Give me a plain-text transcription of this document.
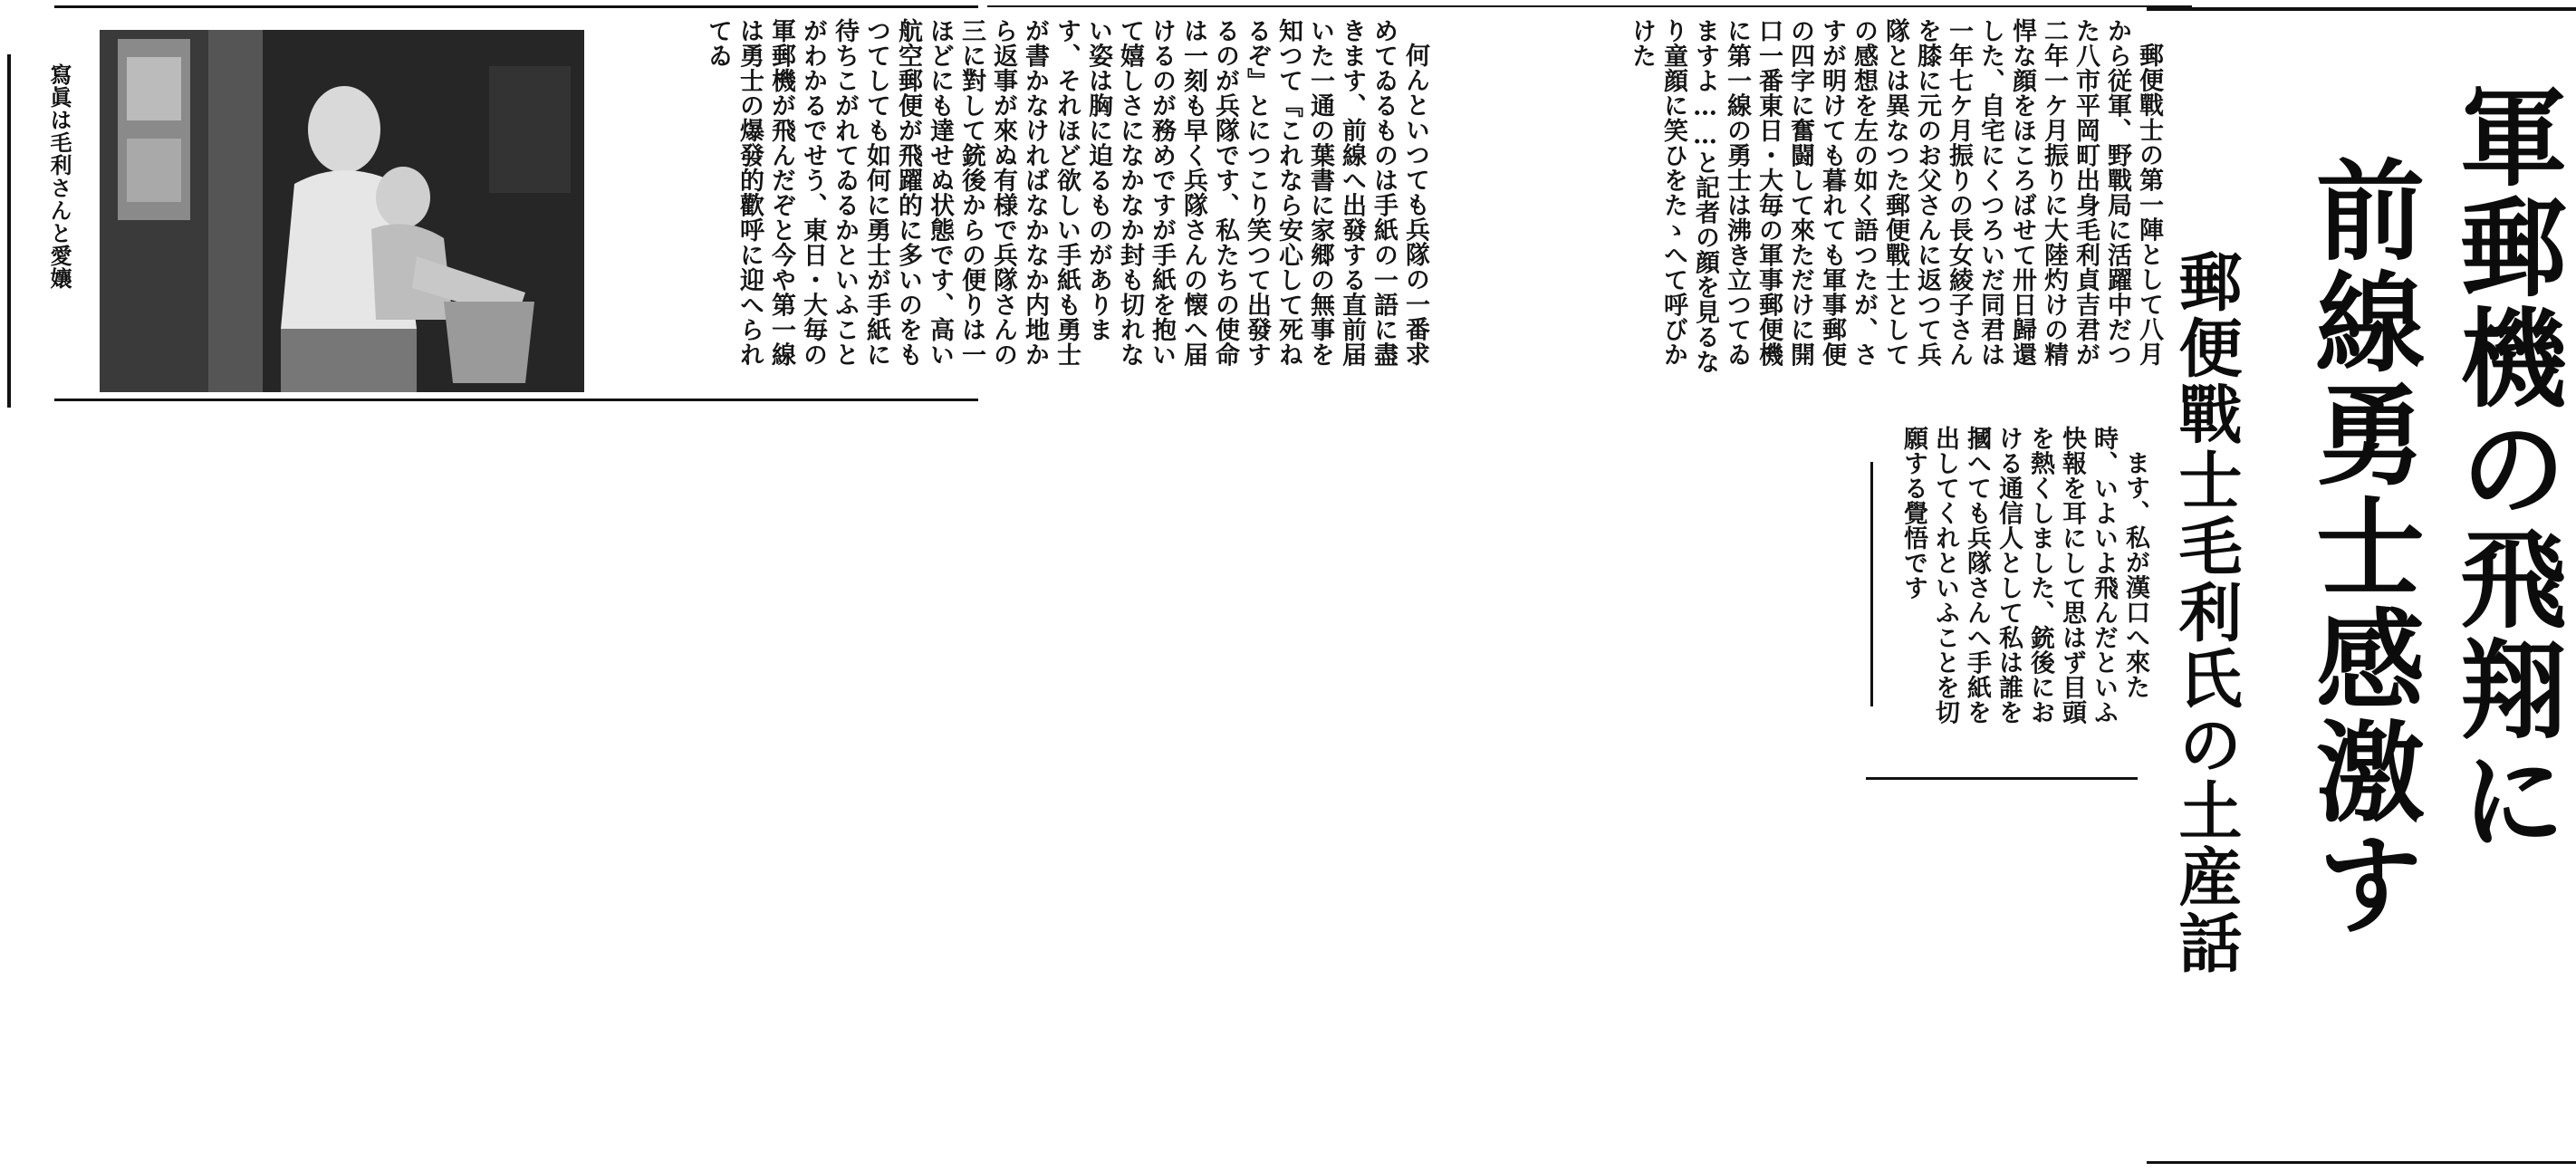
寫眞は毛利さんと愛孃	何んといつても兵隊の一番求めてゐるものは手紙の一語に盡きます、前線へ出發する直前届いた一通の葉書に家郷の無事を知つて『これなら安心して死ねるぞ』とにつこり笑つて出發するのが兵隊です、私たちの使命は一刻も早く兵隊さんの懐へ届けるのが務めですが手紙を抱いて嬉しさになかなか封も切れない姿は胸に迫るものがあります、それほど欲しい手紙も勇士が書かなければなかなか内地から返事が來ぬ有様で兵隊さんの三に對して銃後からの便りは一ほどにも達せぬ状態です、高い航空郵便が飛躍的に多いのをもつてしても如何に勇士が手紙に待ちこがれてゐるかといふことがわかるでせう、東日・大毎の軍郵機が飛んだぞと今や第一線は勇士の爆發的歡呼に迎へられてゐ	郵便戰士の第一陣として八月から従軍、野戰局に活躍中だつた八市平岡町出身毛利貞吉君が二年一ケ月振りに大陸灼けの精悍な顔をほころばせて卅日歸還した、自宅にくつろいだ同君は一年七ケ月振りの長女綾子さんを膝に元のお父さんに返つて兵隊とは異なつた郵便戰士としての感想を左の如く語つたが、さすが明けても暮れても軍事郵便の四字に奮闘して來ただけに開口一番東日・大毎の軍事郵便機に第一線の勇士は沸き立つてゐますよ……と記者の顔を見るなり童顔に笑ひをたゝへて呼びかけた

ます、私が漢口へ來た時、いよいよ飛んだといふ快報を耳にして思はず目頭を熱くしました、銃後における通信人として私は誰を摑へても兵隊さんへ手紙を出してくれといふことを切願する覺悟です	軍郵機の飛翔に
前線勇士感激す
郵便戰士毛利氏の土産話
